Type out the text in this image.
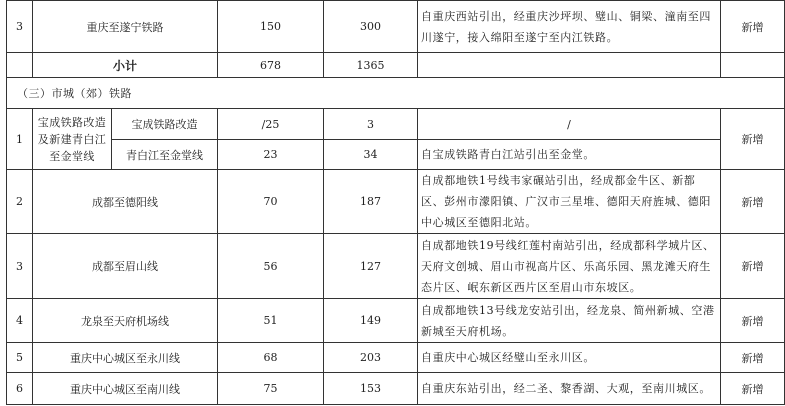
3	重庆至遂宁铁路		150	300	自重庆西站引出，经重庆沙坪坝、璧山、铜梁、潼南至四川遂宁，接入绵阳至遂宁至内江铁路。	新增
	小计		678	1365		
（三）市城（郊）铁路						
1	宝成铁路改造及新建青白江至金堂线	宝成铁路改造	/25	3	/	新增
		青白江至金堂线	23	34	自宝成铁路青白江站引出至金堂。	
2	成都至德阳线		70	187	自成都地铁1号线韦家碾站引出，经成都金牛区、新都区、彭州市濛阳镇、广汉市三星堆、德阳天府旌城、德阳中心城区至德阳北站。	新增
3	成都至眉山线		56	127	自成都地铁19号线红莲村南站引出，经成都科学城片区、天府文创城、眉山市视高片区、乐高乐园、黑龙滩天府生态片区、岷东新区西片区至眉山市东坡区。	新增
4	龙泉至天府机场线		51	149	自成都地铁13号线龙安站引出，经龙泉、简州新城、空港新城至天府机场。	新增
5	重庆中心城区至永川线		68	203	自重庆中心城区经璧山至永川区。	新增
6	重庆中心城区至南川线		75	153	自重庆东站引出，经二圣、黎香湖、大观，至南川城区。	新增
